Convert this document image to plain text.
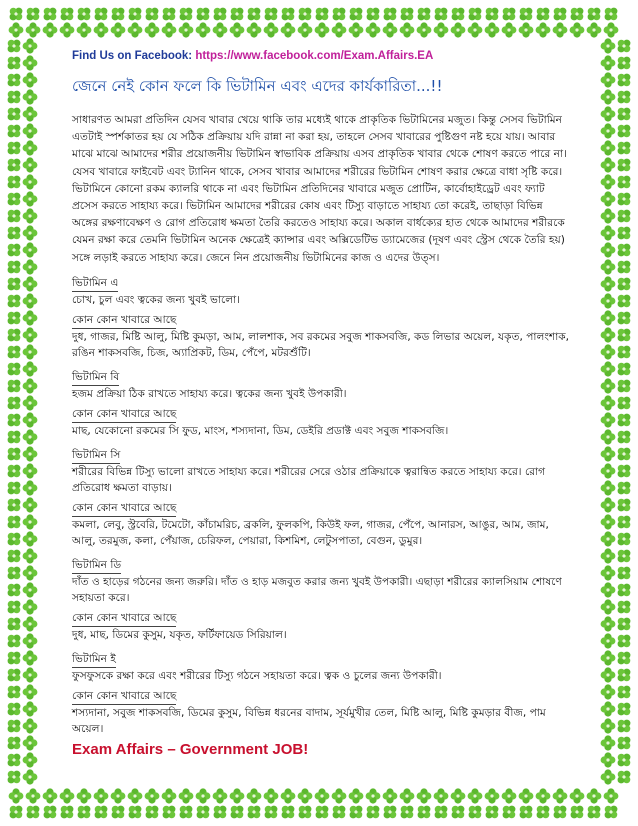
Find Us on Facebook: https://www.facebook.com/Exam.Affairs.EA

জেনে নেই কোন ফলে কি ভিটামিন এবং এদের কার্যকারিতা...!!

সাধারণত আমরা প্রতিদিন যেসব খাবার খেয়ে থাকি তার মধ্যেই থাকে প্রাকৃতিক ভিটামিনের মজুত। কিন্তু সেসব ভিটামিন এতটাই স্পর্শকাতর হয় যে সঠিক প্রক্রিয়ায় যদি রান্না না করা হয়, তাহলে সেসব খাবারের পুষ্টিগুণ নষ্ট হয়ে যায়। আবার মাঝে মাঝে আমাদের শরীর প্রয়োজনীয় ভিটামিন স্বাভাবিক প্রক্রিয়ায় এসব প্রাকৃতিক খাবার থেকে শোষণ করতে পারে না। যেসব খাবারে ফাইবেট এবং ট্যানিন থাকে, সেসব খাবার আমাদের শরীরের ভিটামিন শোষণ করার ক্ষেত্রে বাধা সৃষ্টি করে। ভিটামিনে কোনো রকম ক্যালরি থাকে না এবং ভিটামিন প্রতিদিনের খাবারে মজুত প্রোটিন, কার্বোহাইড্রেট এবং ফ্যাট প্রসেস করতে সাহায্য করে। ভিটামিন আমাদের শরীরের কোষ এবং টিস্যু বাড়াতে সাহায্য তো করেই, তাছাড়া বিভিন্ন অঙ্গের রক্ষণাবেক্ষণ ও রোগ প্রতিরোধ ক্ষমতা তৈরি করতেও সাহায্য করে। অকাল বার্ধক্যের হাত থেকে আমাদের শরীরকে যেমন রক্ষা করে তেমনি ভিটামিন অনেক ক্ষেত্রেই ক্যান্সার এবং অক্সিডেটিভ ড্যামেজের (দূষণ এবং স্ট্রেস থেকে তৈরি হয়) সঙ্গে লড়াই করতে সাহায্য করে। জেনে নিন প্রয়োজনীয় ভিটামিনের কাজ ও এদের উত্স।

ভিটামিন এ

চোখ, চুল এবং ত্বকের জন্য খুবই ভালো।

কোন কোন খাবারে আছে

দুধ, গাজর, মিষ্টি আলু, মিষ্টি কুমড়া, আম, লালশাক, সব রকমের সবুজ শাকসবজি, কড লিভার অয়েল, যকৃত, পালংশাক, রঙিন শাকসবজি, চিজ, অ্যাপ্রিকট, ডিম, পেঁপে, মটরশুঁটি।

ভিটামিন বি

হজম প্রক্রিয়া ঠিক রাখতে সাহায্য করে। ত্বকের জন্য খুবই উপকারী।

কোন কোন খাবারে আছে

মাছ, যেকোনো রকমের সি ফুড, মাংস, শস্যদানা, ডিম, ডেইরি প্রডাক্ট এবং সবুজ শাকসবজি।

ভিটামিন সি

শরীরের বিভিন্ন টিস্যু ভালো রাখতে সাহায্য করে। শরীরের সেরে ওঠার প্রক্রিয়াকে ত্বরান্বিত করতে সাহায্য করে। রোগ প্রতিরোধ ক্ষমতা বাড়ায়।

কোন কোন খাবারে আছে

কমলা, লেবু, স্ট্রবেরি, টমেটো, কাঁচামরিচ, ব্রকলি, ফুলকপি, কিউই ফল, গাজর, পেঁপে, আনারস, আঙুর, আম, জাম, আলু, তরমুজ, কলা, পেঁয়াজ, চেরিফল, পেয়ারা, কিশমিশ, লেটুসপাতা, বেগুন, ডুমুর।

ভিটামিন ডি

দাঁত ও হাড়ের গঠনের জন্য জরুরি। দাঁত ও হাড় মজবুত করার জন্য খুবই উপকারী। এছাড়া শরীরের ক্যালসিয়াম শোষণে সহায়তা করে।

কোন কোন খাবারে আছে

দুধ, মাছ, ডিমের কুসুম, যকৃত, ফর্টিফায়েড সিরিয়াল।

ভিটামিন ই

ফুসফুসকে রক্ষা করে এবং শরীরের টিস্যু গঠনে সহায়তা করে। ত্বক ও চুলের জন্য উপকারী।

কোন কোন খাবারে আছে

শস্যদানা, সবুজ শাকসবজি, ডিমের কুসুম, বিভিন্ন ধরনের বাদাম, সূর্যমুখীর তেল, মিষ্টি আলু, মিষ্টি কুমড়ার বীজ, পাম অয়েল।

Exam Affairs – Government JOB!
